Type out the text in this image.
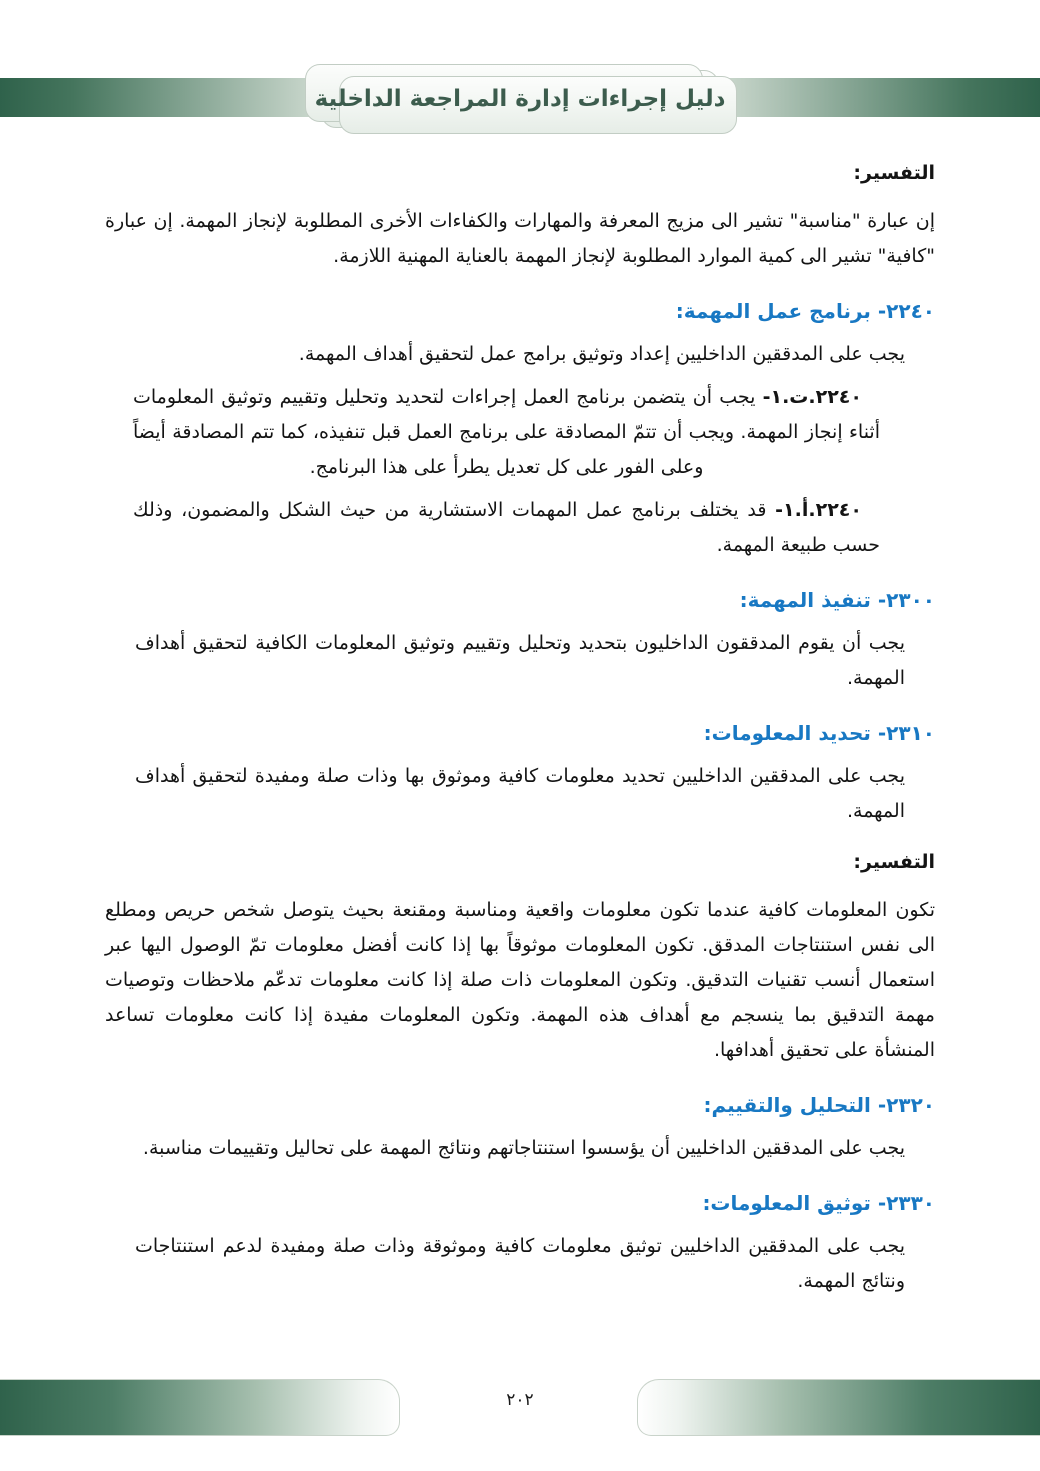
دليل إجراءات إدارة المراجعة الداخلية

التفسير:

إن عبارة "مناسبة" تشير الى مزيج المعرفة والمهارات والكفاءات الأخرى المطلوبة لإنجاز المهمة. إن عبارة "كافية" تشير الى كمية الموارد المطلوبة لإنجاز المهمة بالعناية المهنية اللازمة.

٢٢٤٠- برنامج عمل المهمة:

يجب على المدققين الداخليين إعداد وتوثيق برامج عمل لتحقيق أهداف المهمة.

٢٢٤٠.ت.١- يجب أن يتضمن برنامج العمل إجراءات لتحديد وتحليل وتقييم وتوثيق المعلومات أثناء إنجاز المهمة. ويجب أن تتمّ المصادقة على برنامج العمل قبل تنفيذه، كما تتم المصادقة أيضاً وعلى الفور على كل تعديل يطرأ على هذا البرنامج.

٢٢٤٠.أ.١- قد يختلف برنامج عمل المهمات الاستشارية من حيث الشكل والمضمون، وذلك حسب طبيعة المهمة.

٢٣٠٠- تنفيذ المهمة:

يجب أن يقوم المدققون الداخليون بتحديد وتحليل وتقييم وتوثيق المعلومات الكافية لتحقيق أهداف المهمة.

٢٣١٠- تحديد المعلومات:

يجب على المدققين الداخليين تحديد معلومات كافية وموثوق بها وذات صلة ومفيدة لتحقيق أهداف المهمة.

التفسير:

تكون المعلومات كافية عندما تكون معلومات واقعية ومناسبة ومقنعة بحيث يتوصل شخص حريص ومطلع الى نفس استنتاجات المدقق. تكون المعلومات موثوقاً بها إذا كانت أفضل معلومات تمّ الوصول اليها عبر استعمال أنسب تقنيات التدقيق. وتكون المعلومات ذات صلة إذا كانت معلومات تدعّم ملاحظات وتوصيات مهمة التدقيق بما ينسجم مع أهداف هذه المهمة. وتكون المعلومات مفيدة إذا كانت معلومات تساعد المنشأة على تحقيق أهدافها.

٢٣٢٠- التحليل والتقييم:

يجب على المدققين الداخليين أن يؤسسوا استنتاجاتهم ونتائج المهمة على تحاليل وتقييمات مناسبة.

٢٣٣٠- توثيق المعلومات:

يجب على المدققين الداخليين توثيق معلومات كافية وموثوقة وذات صلة ومفيدة لدعم استنتاجات ونتائج المهمة.

٢٠٢
